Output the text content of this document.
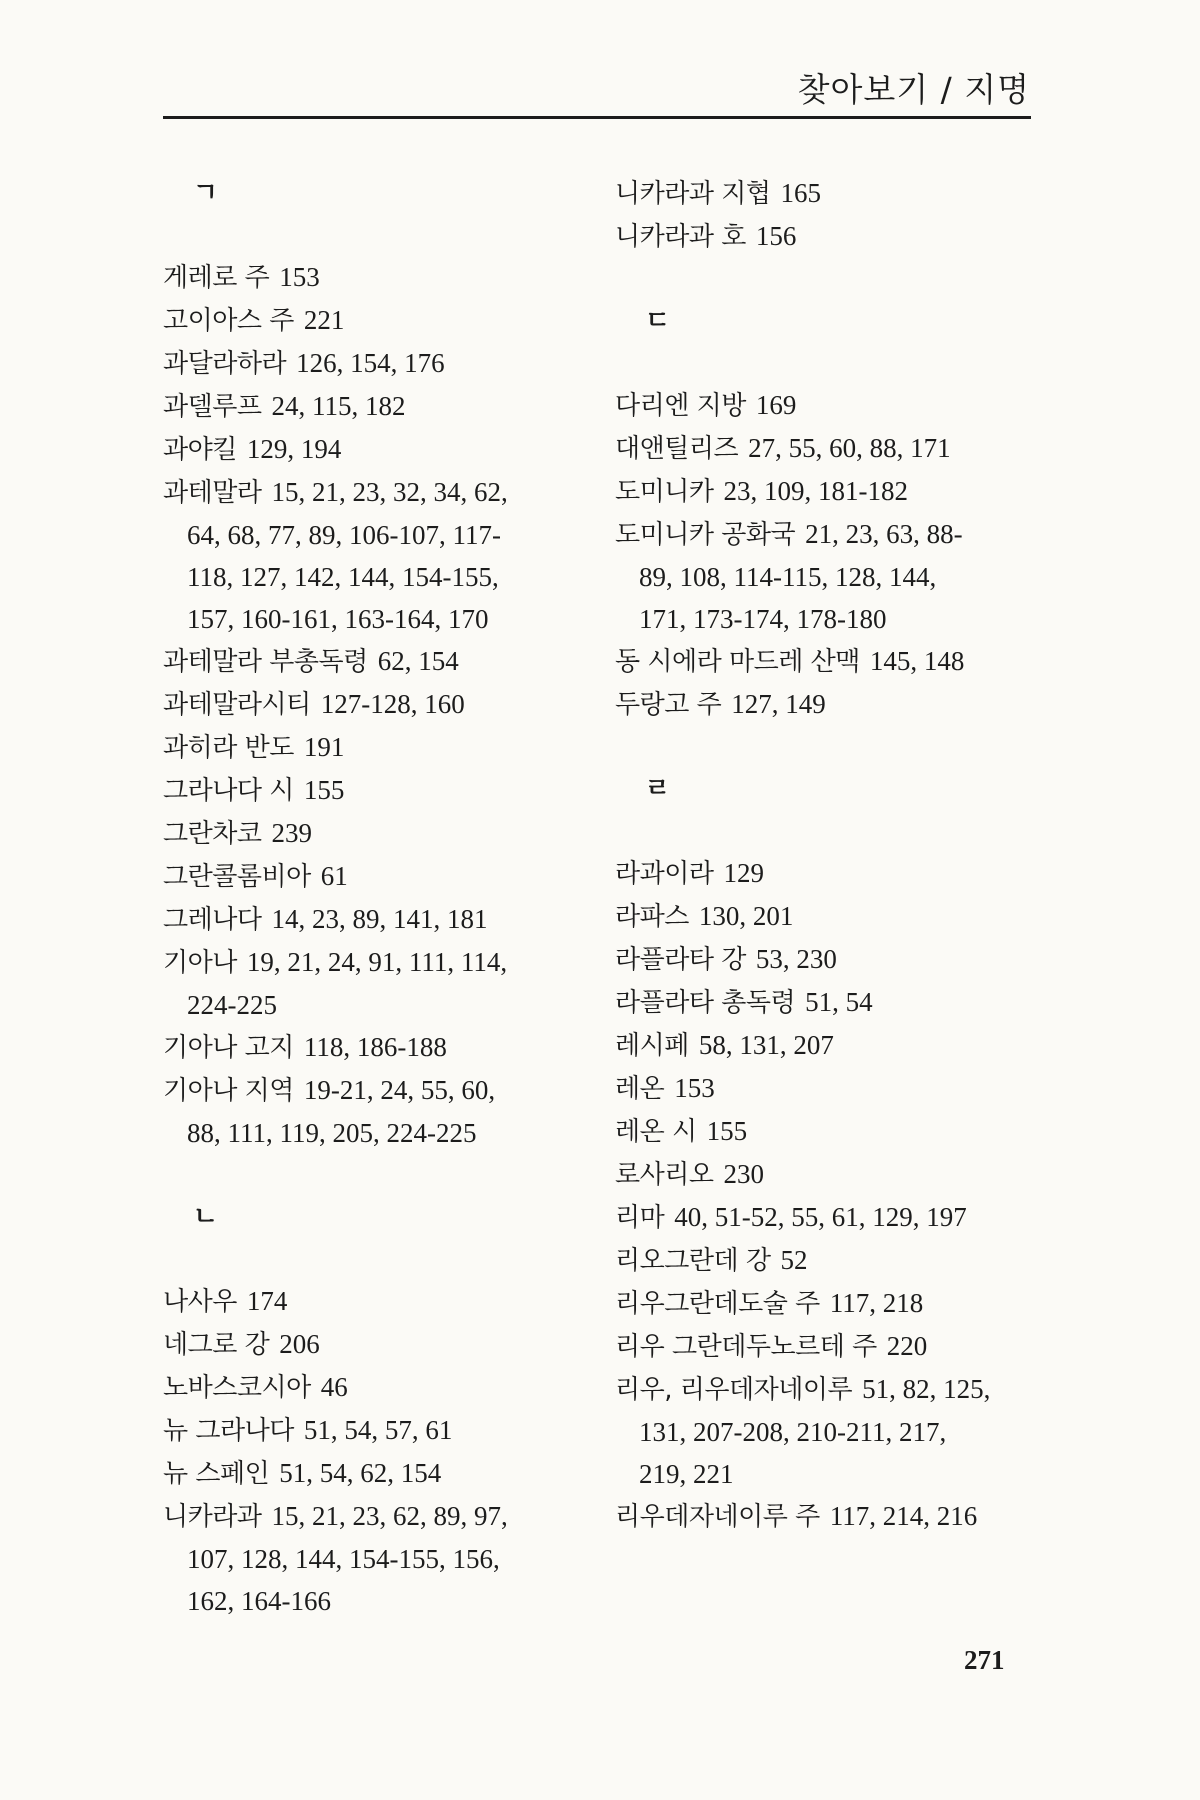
찾아보기 / 지명
ㄱ
게레로 주 153
고이아스 주 221
과달라하라 126, 154, 176
과델루프 24, 115, 182
과야킬 129, 194
과테말라 15, 21, 23, 32, 34, 62,
64, 68, 77, 89, 106-107, 117-
118, 127, 142, 144, 154-155,
157, 160-161, 163-164, 170
과테말라 부총독령 62, 154
과테말라시티 127-128, 160
과히라 반도 191
그라나다 시 155
그란차코 239
그란콜롬비아 61
그레나다 14, 23, 89, 141, 181
기아나 19, 21, 24, 91, 111, 114,
224-225
기아나 고지 118, 186-188
기아나 지역 19-21, 24, 55, 60,
88, 111, 119, 205, 224-225
ㄴ
나사우 174
네그로 강 206
노바스코시아 46
뉴 그라나다 51, 54, 57, 61
뉴 스페인 51, 54, 62, 154
니카라과 15, 21, 23, 62, 89, 97,
107, 128, 144, 154-155, 156,
162, 164-166
니카라과 지협 165
니카라과 호 156
ㄷ
다리엔 지방 169
대앤틸리즈 27, 55, 60, 88, 171
도미니카 23, 109, 181-182
도미니카 공화국 21, 23, 63, 88-
89, 108, 114-115, 128, 144,
171, 173-174, 178-180
동 시에라 마드레 산맥 145, 148
두랑고 주 127, 149
ㄹ
라과이라 129
라파스 130, 201
라플라타 강 53, 230
라플라타 총독령 51, 54
레시페 58, 131, 207
레온 153
레온 시 155
로사리오 230
리마 40, 51-52, 55, 61, 129, 197
리오그란데 강 52
리우그란데도술 주 117, 218
리우 그란데두노르테 주 220
리우, 리우데자네이루 51, 82, 125,
131, 207-208, 210-211, 217,
219, 221
리우데자네이루 주 117, 214, 216
271
